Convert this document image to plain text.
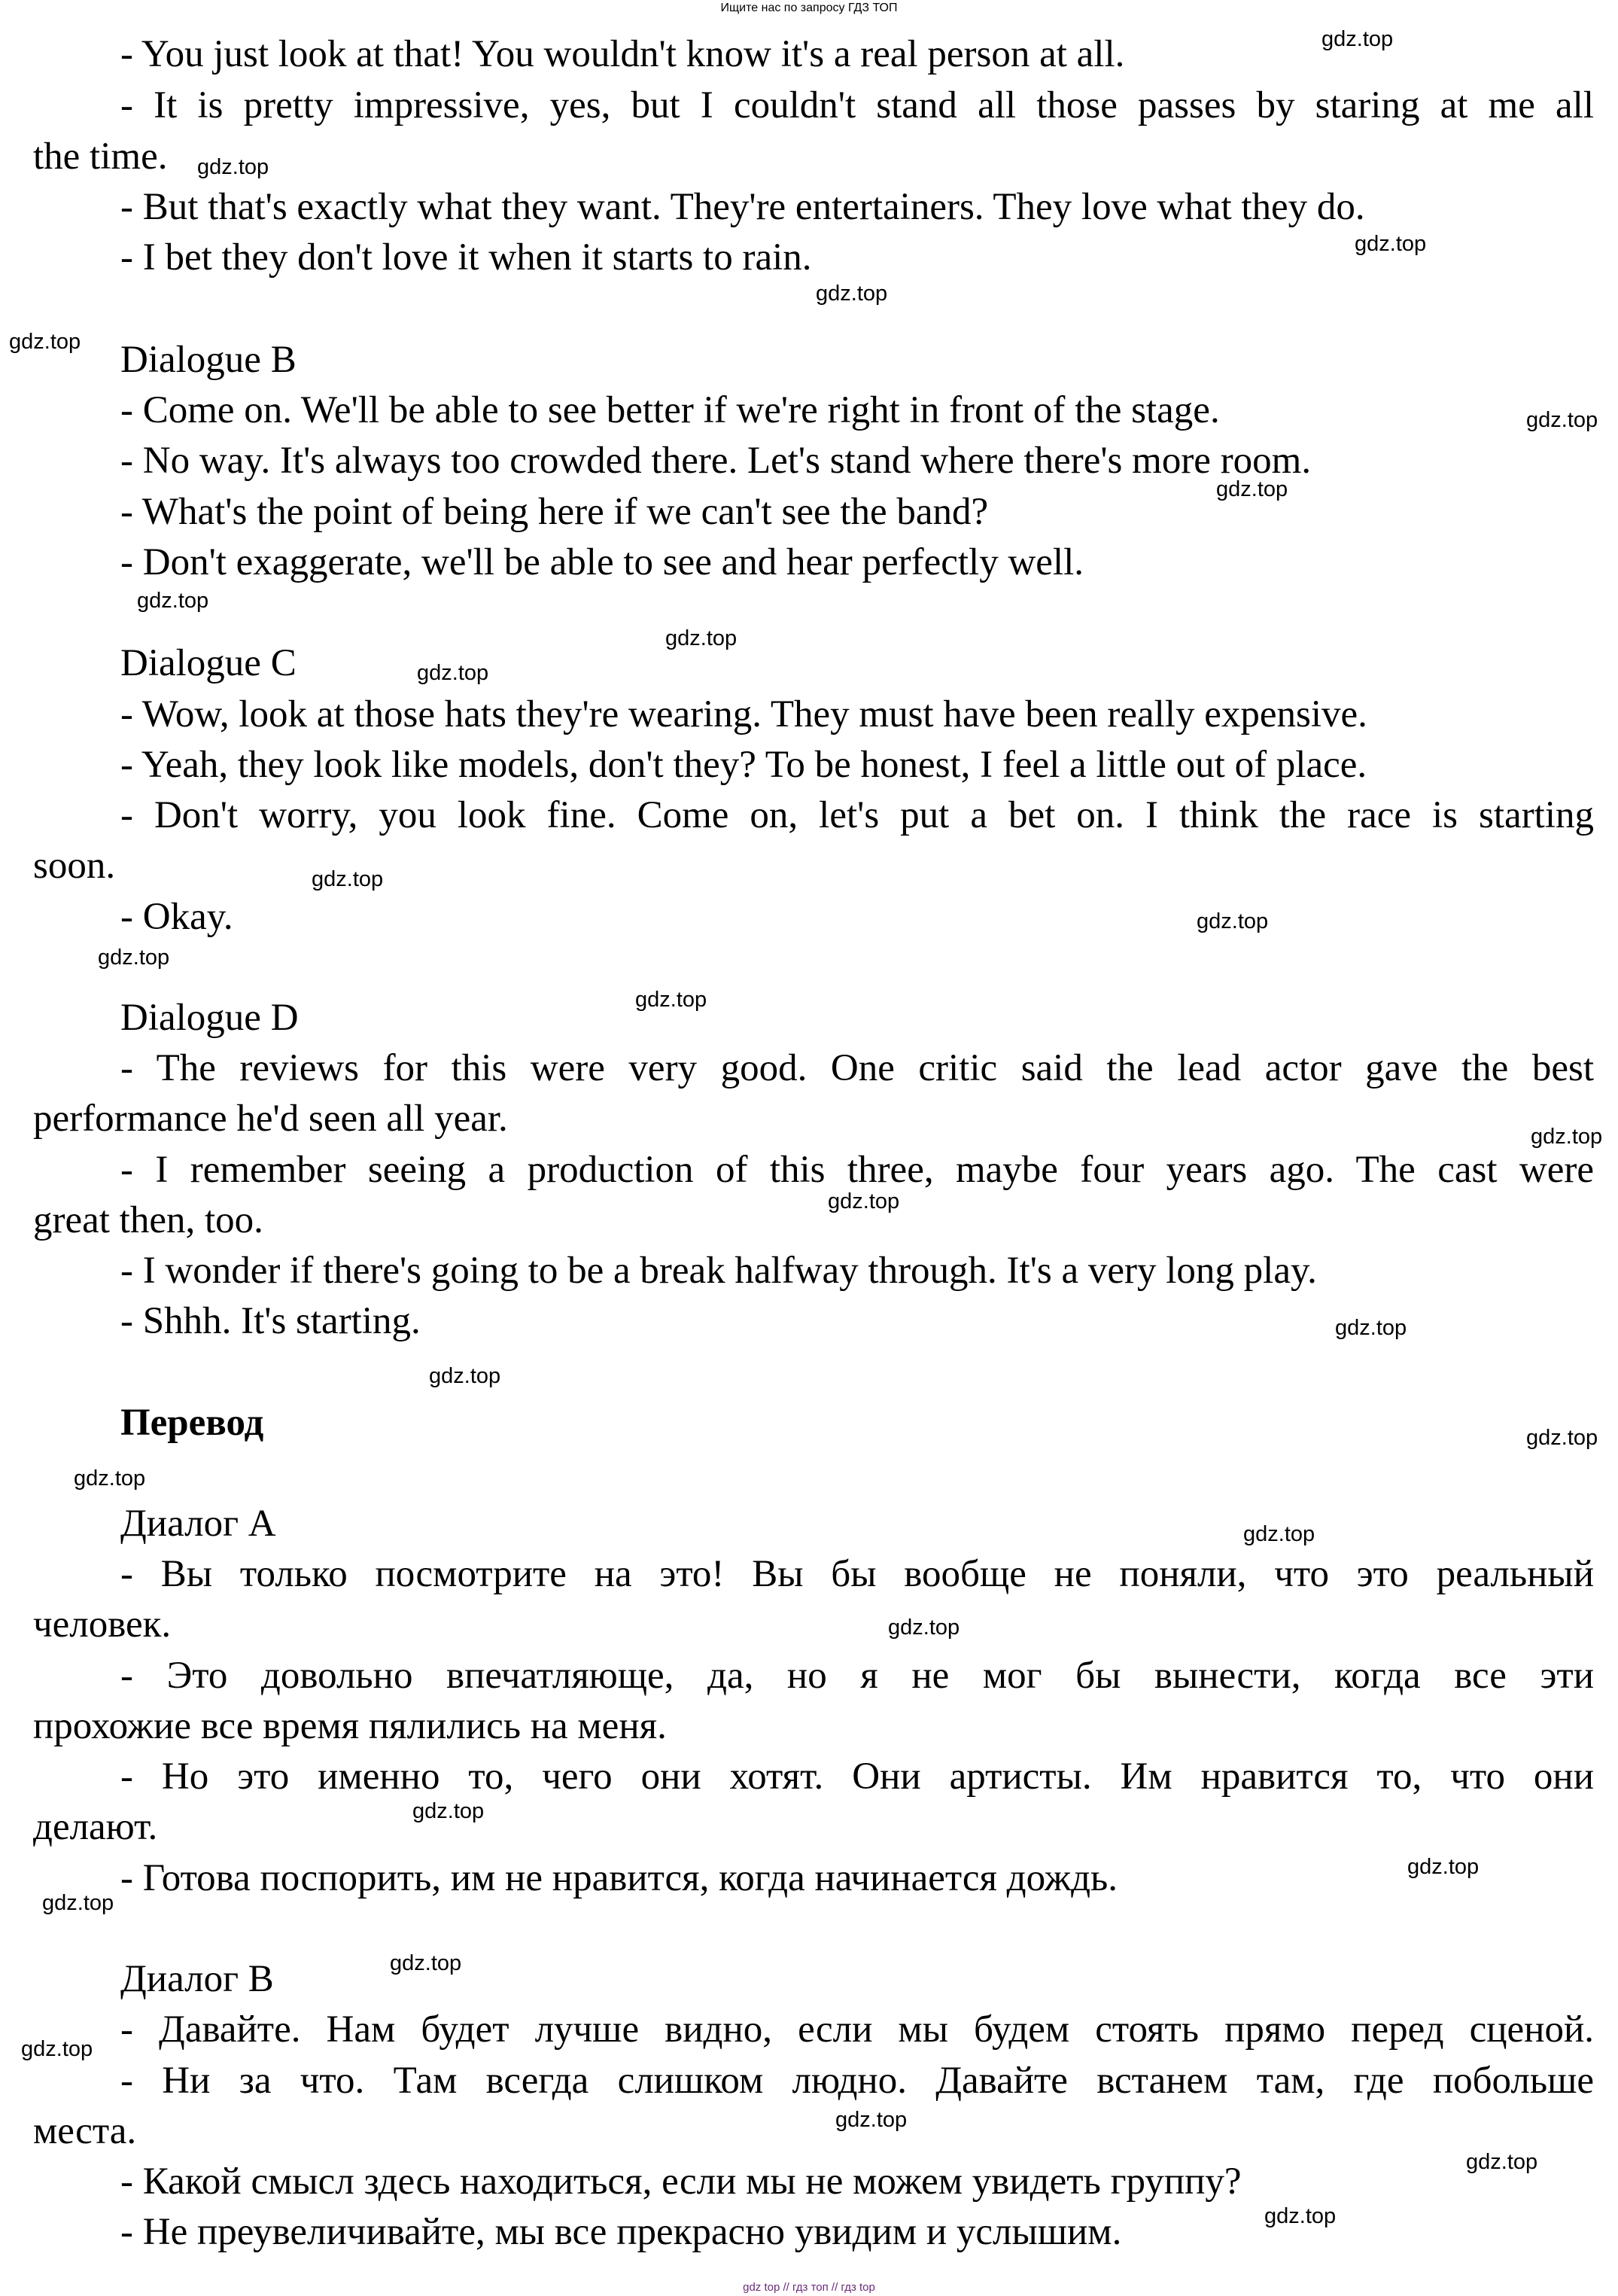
Ищите нас по запросу ГДЗ ТОП
- You just look at that! You wouldn't know it's a real person at all.
- It is pretty impressive, yes, but I couldn't stand all those passes by staring at me all
the time.
- But that's exactly what they want. They're entertainers. They love what they do.
- I bet they don't love it when it starts to rain.
Dialogue B
- Come on. We'll be able to see better if we're right in front of the stage.
- No way. It's always too crowded there. Let's stand where there's more room.
- What's the point of being here if we can't see the band?
- Don't exaggerate, we'll be able to see and hear perfectly well.
Dialogue C
- Wow, look at those hats they're wearing. They must have been really expensive.
- Yeah, they look like models, don't they? To be honest, I feel a little out of place.
- Don't worry, you look fine. Come on, let's put a bet on. I think the race is starting
soon.
- Okay.
Dialogue D
- The reviews for this were very good. One critic said the lead actor gave the best
performance he'd seen all year.
- I remember seeing a production of this three, maybe four years ago. The cast were
great then, too.
- I wonder if there's going to be a break halfway through. It's a very long play.
- Shhh. It's starting.
Перевод
Диалог А
- Вы только посмотрите на это! Вы бы вообще не поняли, что это реальный
человек.
- Это довольно впечатляюще, да, но я не мог бы вынести, когда все эти
прохожие все время пялились на меня.
- Но это именно то, чего они хотят. Они артисты. Им нравится то, что они
делают.
- Готова поспорить, им не нравится, когда начинается дождь.
Диалог В
- Давайте. Нам будет лучше видно, если мы будем стоять прямо перед сценой.
- Ни за что. Там всегда слишком людно. Давайте встанем там, где побольше
места.
- Какой смысл здесь находиться, если мы не можем увидеть группу?
- Не преувеличивайте, мы все прекрасно увидим и услышим.
gdz.top
gdz.top
gdz.top
gdz.top
gdz.top
gdz.top
gdz.top
gdz.top
gdz.top
gdz.top
gdz.top
gdz.top
gdz.top
gdz.top
gdz.top
gdz.top
gdz.top
gdz.top
gdz.top
gdz.top
gdz.top
gdz.top
gdz.top
gdz.top
gdz.top
gdz.top
gdz.top
gdz.top
gdz.top
gdz.top
gdz top // гдз топ // гдз top
